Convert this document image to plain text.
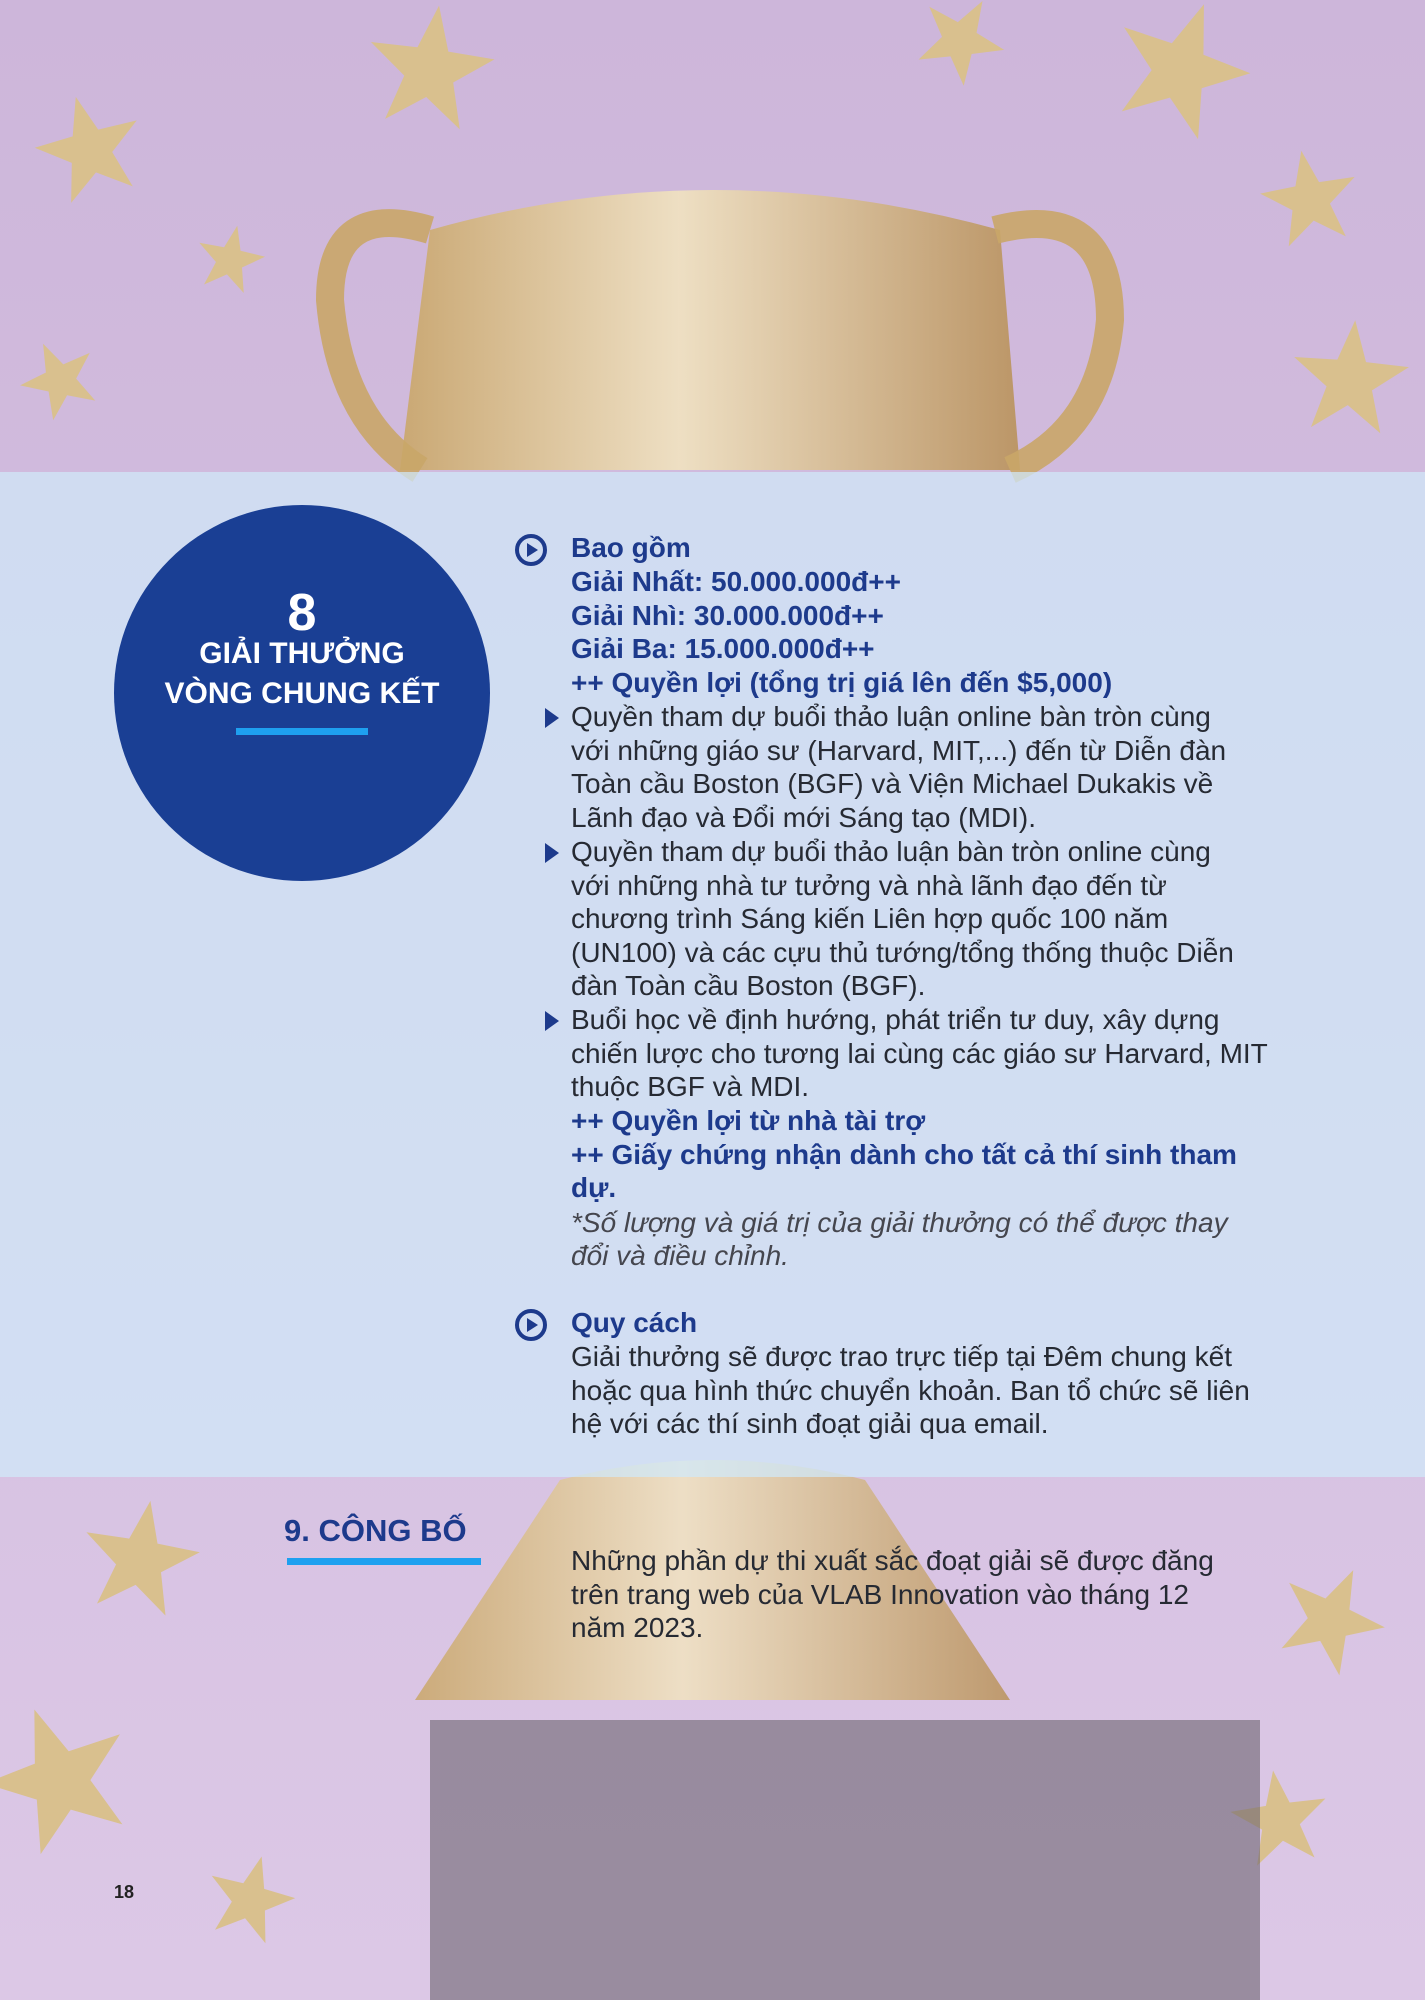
8
GIẢI THƯỞNG
VÒNG CHUNG KẾT
Bao gồm
Giải Nhất: 50.000.000đ++
Giải Nhì: 30.000.000đ++
Giải Ba: 15.000.000đ++
++ Quyền lợi (tổng trị giá lên đến $5,000)
Quyền tham dự buổi thảo luận online bàn tròn cùng
với những giáo sư (Harvard, MIT,...) đến từ Diễn đàn
Toàn cầu Boston (BGF) và Viện Michael Dukakis về
Lãnh đạo và Đổi mới Sáng tạo (MDI).
Quyền tham dự buổi thảo luận bàn tròn online cùng
với những nhà tư tưởng và nhà lãnh đạo đến từ
chương trình Sáng kiến Liên hợp quốc 100 năm
(UN100) và các cựu thủ tướng/tổng thống thuộc Diễn
đàn Toàn cầu Boston (BGF).
Buổi học về định hướng, phát triển tư duy, xây dựng
chiến lược cho tương lai cùng các giáo sư Harvard, MIT
thuộc BGF và MDI.
++ Quyền lợi từ nhà tài trợ
++ Giấy chứng nhận dành cho tất cả thí sinh tham
dự.
*Số lượng và giá trị của giải thưởng có thể được thay
đổi và điều chỉnh.
Quy cách
Giải thưởng sẽ được trao trực tiếp tại Đêm chung kết
hoặc qua hình thức chuyển khoản. Ban tổ chức sẽ liên
hệ với các thí sinh đoạt giải qua email.
9. CÔNG BỐ
Những phần dự thi xuất sắc đoạt giải sẽ được đăng
trên trang web của VLAB Innovation vào tháng 12
năm 2023.
18
